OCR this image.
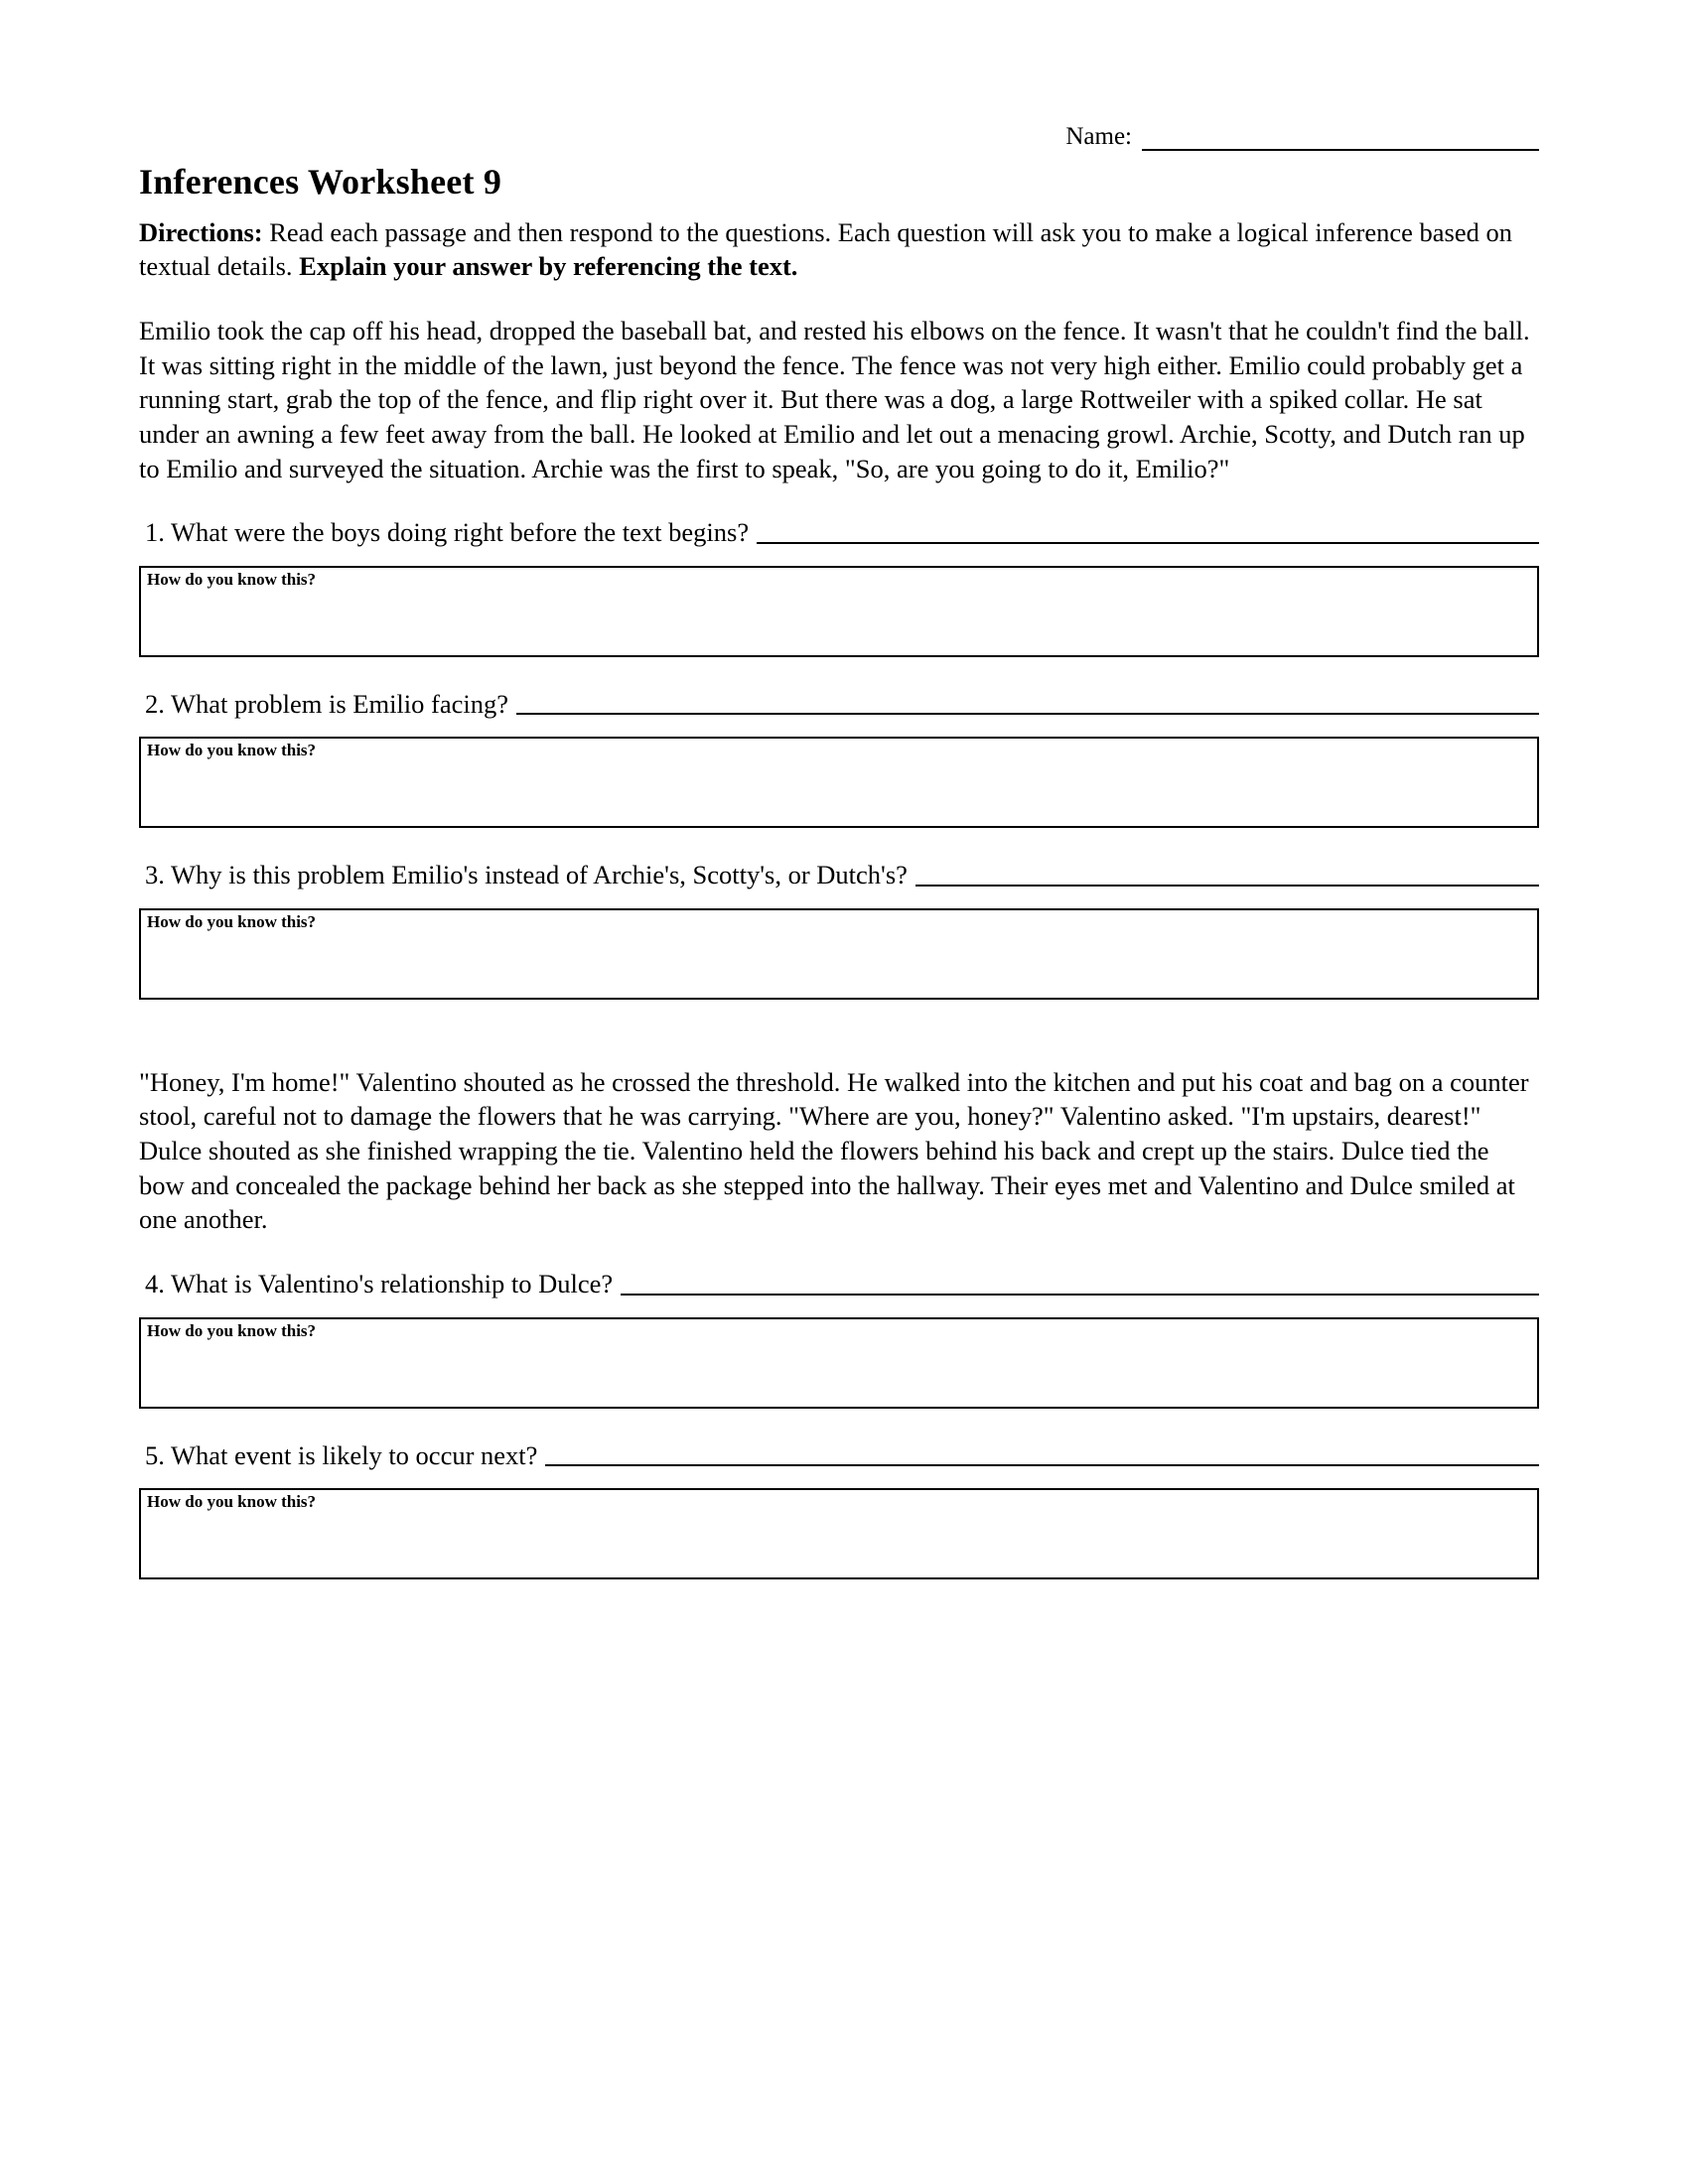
Name:
Inferences Worksheet 9
Directions: Read each passage and then respond to the questions. Each question will ask you to make a logical inference based on textual details. Explain your answer by referencing the text.
Emilio took the cap off his head, dropped the baseball bat, and rested his elbows on the fence. It wasn't that he couldn't find the ball. It was sitting right in the middle of the lawn, just beyond the fence. The fence was not very high either. Emilio could probably get a running start, grab the top of the fence, and flip right over it. But there was a dog, a large Rottweiler with a spiked collar. He sat under an awning a few feet away from the ball. He looked at Emilio and let out a menacing growl. Archie, Scotty, and Dutch ran up to Emilio and surveyed the situation. Archie was the first to speak, "So, are you going to do it, Emilio?"
1. What were the boys doing right before the text begins?
How do you know this?
2. What problem is Emilio facing?
How do you know this?
3. Why is this problem Emilio's instead of Archie's, Scotty's, or Dutch's?
How do you know this?
"Honey, I'm home!" Valentino shouted as he crossed the threshold. He walked into the kitchen and put his coat and bag on a counter stool, careful not to damage the flowers that he was carrying. "Where are you, honey?" Valentino asked. "I'm upstairs, dearest!" Dulce shouted as she finished wrapping the tie. Valentino held the flowers behind his back and crept up the stairs. Dulce tied the bow and concealed the package behind her back as she stepped into the hallway. Their eyes met and Valentino and Dulce smiled at one another.
4. What is Valentino's relationship to Dulce?
How do you know this?
5. What event is likely to occur next?
How do you know this?
